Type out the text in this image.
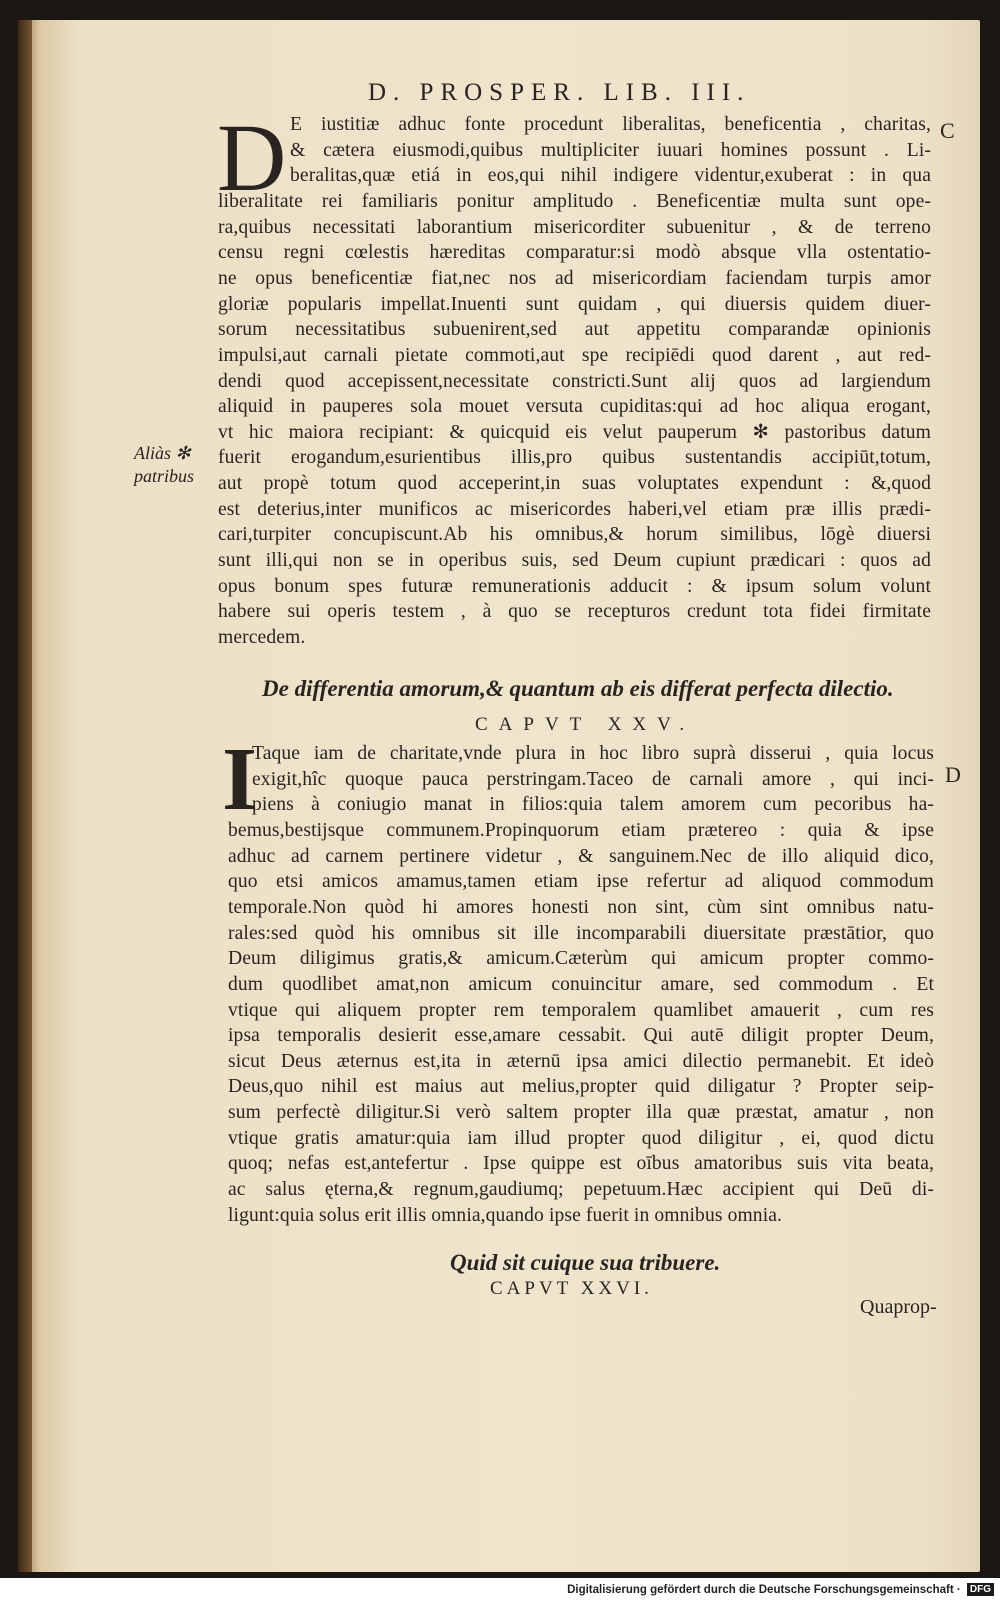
D. PROSPER. LIB. III.
D E iustitiæ adhuc fonte procedunt liberalitas, beneficentia , charitas,
& cætera eiusmodi,quibus multipliciter iuuari homines possunt . Li-
beralitas,quæ etiá in eos,qui nihil indigere videntur,exuberat : in qua
liberalitate rei familiaris ponitur amplitudo . Beneficentiæ multa sunt ope-
ra,quibus necessitati laborantium misericorditer subuenitur , & de terreno
censu regni cœlestis hæreditas comparatur:si modò absque vlla ostentatio-
ne opus beneficentiæ fiat,nec nos ad misericordiam faciendam turpis amor
gloriæ popularis impellat.Inuenti sunt quidam , qui diuersis quidem diuer-
sorum necessitatibus subuenirent,sed aut appetitu comparandæ opinionis
impulsi,aut carnali pietate commoti,aut spe recipiēdi quod darent , aut red-
dendi quod accepissent,necessitate constricti.Sunt alij quos ad largiendum
aliquid in pauperes sola mouet versuta cupiditas:qui ad hoc aliqua erogant,
vt hic maiora recipiant: & quicquid eis velut pauperum ✻ pastoribus datum
fuerit erogandum,esurientibus illis,pro quibus sustentandis accipiūt,totum,
aut propè totum quod acceperint,in suas voluptates expendunt : &,quod
est deterius,inter munificos ac misericordes haberi,vel etiam præ illis prædi-
cari,turpiter concupiscunt.Ab his omnibus,& horum similibus, lōgè diuersi
sunt illi,qui non se in operibus suis, sed Deum cupiunt prædicari : quos ad
opus bonum spes futuræ remunerationis adducit : & ipsum solum volunt
habere sui operis testem , à quo se recepturos credunt tota fidei firmitate
mercedem.
Aliàs ✻
patribus
C
D
De differentia amorum,& quantum ab eis differat perfecta dilectio.
CAPVT XXV.
I
Taque iam de charitate,vnde plura in hoc libro suprà disserui , quia locus
exigit,hîc quoque pauca perstringam.Taceo de carnali amore , qui inci-
piens à coniugio manat in filios:quia talem amorem cum pecoribus ha-
bemus,bestijsque communem.Propinquorum etiam prætereo : quia & ipse
adhuc ad carnem pertinere videtur , & sanguinem.Nec de illo aliquid dico,
quo etsi amicos amamus,tamen etiam ipse refertur ad aliquod commodum
temporale.Non quòd hi amores honesti non sint, cùm sint omnibus natu-
rales:sed quòd his omnibus sit ille incomparabili diuersitate præstātior, quo
Deum diligimus gratis,& amicum.Cæterùm qui amicum propter commo-
dum quodlibet amat,non amicum conuincitur amare, sed commodum . Et
vtique qui aliquem propter rem temporalem quamlibet amauerit , cum res
ipsa temporalis desierit esse,amare cessabit. Qui autē diligit propter Deum,
sicut Deus æternus est,ita in æternū ipsa amici dilectio permanebit. Et ideò
Deus,quo nihil est maius aut melius,propter quid diligatur ? Propter seip-
sum perfectè diligitur.Si verò saltem propter illa quæ præstat, amatur , non
vtique gratis amatur:quia iam illud propter quod diligitur , ei, quod dictu
quoq; nefas est,antefertur . Ipse quippe est oībus amatoribus suis vita beata,
ac salus ęterna,& regnum,gaudiumq; pepetuum.Hæc accipient qui Deū di-
ligunt:quia solus erit illis omnia,quando ipse fuerit in omnibus omnia.
Quid sit cuique sua tribuere.
CAPVT XXVI.
Quaprop-
Digitalisierung gefördert durch die Deutsche Forschungsgemeinschaft · DFG
